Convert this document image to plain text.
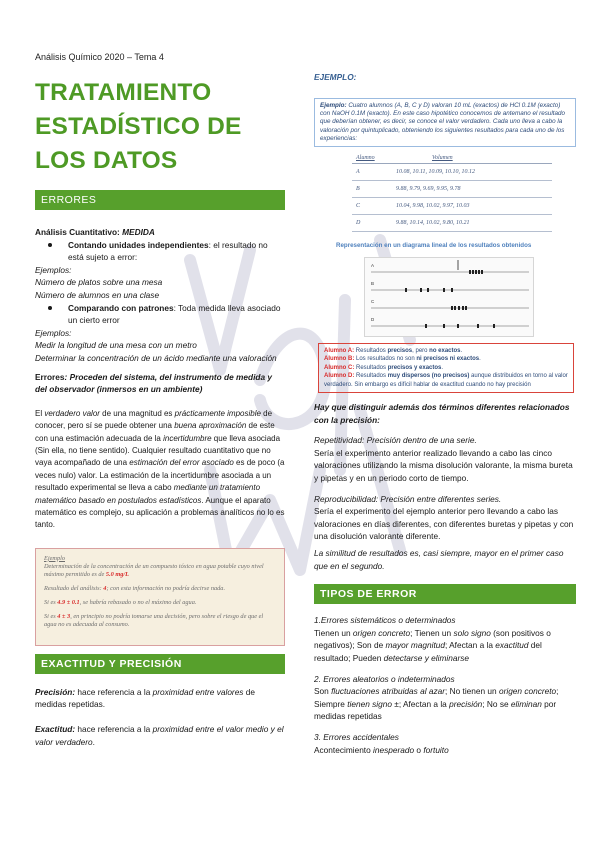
Análisis Químico 2020 – Tema 4
TRATAMIENTO ESTADÍSTICO DE LOS DATOS
ERRORES
Análisis Cuantitativo: MEDIDA
Contando unidades independientes: el resultado no está sujeto a error:
Ejemplos:
Número de platos sobre una mesa
Número de alumnos en una clase
Comparando con patrones: Toda medida lleva asociado un cierto error
Ejemplos:
Medir la longitud de una mesa con un metro
Determinar la concentración de un ácido mediante una valoración
Errores: Proceden del sistema, del instrumento de medida y del observador (inmersos en un ambiente)
El verdadero valor de una magnitud es prácticamente imposible de conocer, pero sí se puede obtener una buena aproximación de este con una estimación adecuada de la incertidumbre que lleva asociada (Sin ella, no tiene sentido). Cualquier resultado cuantitativo que no vaya acompañado de una estimación del error asociado es de poco (a veces nulo) valor. La estimación de la incertidumbre asociada a un resultado experimental se lleva a cabo mediante un tratamiento matemático basado en postulados estadísticos. Aunque el aparato matemático es complejo, su aplicación a problemas analíticos no lo es tanto.
Ejemplo
Determinación de la concentración de un compuesto tóxico en agua potable cuyo nivel máximo permitido es de 5.0 mg/L
Resultado del análisis: 4; con esta información no podría decirse nada.
Si es 4.9 ± 0.1, se habría rebasado o no el máximo del agua.
Si es 4 ± 3, en principio no podría tomarse una decisión, pero sobre el riesgo de que el agua no es adecuada al consumo.
EXACTITUD Y PRECISIÓN
Precisión: hace referencia a la proximidad entre valores de medidas repetidas.
Exactitud: hace referencia a la proximidad entre el valor medio y el valor verdadero.
EJEMPLO:
Ejemplo: Cuatro alumnos (A, B, C y D) valoran 10 mL (exactos) de HCl 0.1M (exacto) con NaOH 0.1M (exacto). En este caso hipotético conocemos de antemano el resultado que deberían obtener, es decir, se conoce el valor verdadero. Cada uno lleva a cabo la valoración por quintuplicado, obteniendo los siguientes resultados para cada uno de los experiencias:
Alumno	Volumen
A	10.08, 10.11, 10.09, 10.10, 10.12
B	9.88, 9.79, 9.69, 9.95, 9.78
C	10.04, 9.98, 10.02, 9.97, 10.03
D	9.88, 10.14, 10.02, 9.80, 10.21
Representación en un diagrama lineal de los resultados obtenidos
A
B
C
D
Alumno A: Resultados precisos, pero no exactos.
Alumno B: Los resultados no son ni precisos ni exactos.
Alumno C: Resultados precisos y exactos.
Alumno D: Resultados muy dispersos (no precisos) aunque distribuidos en torno al valor verdadero. Sin embargo es difícil hablar de exactitud cuando no hay precisión
Hay que distinguir además dos términos diferentes relacionados con la precisión:
Repetitividad: Precisión dentro de una serie.
Sería el experimento anterior realizado llevando a cabo las cinco valoraciones utilizando la misma disolución valorante, la misma bureta y pipetas y en un periodo corto de tiempo.
Reproducibilidad: Precisión entre diferentes series.
Sería el experimento del ejemplo anterior pero llevando a cabo las valoraciones en días diferentes, con diferentes buretas y pipetas y con una disolución valorante diferente.
La similitud de resultados es, casi siempre, mayor en el primer caso que en el segundo.
TIPOS DE ERROR
1.Errores sistemáticos o determinados
Tienen un origen concreto; Tienen un solo signo (son positivos o negativos); Son de mayor magnitud; Afectan a la exactitud del resultado; Pueden detectarse y eliminarse
2. Errores aleatorios o indeterminados
Son fluctuaciones atribuidas al azar; No tienen un origen concreto; Siempre tienen signo ±; Afectan a la precisión; No se eliminan por medidas repetidas
3. Errores accidentales
Acontecimiento inesperado o fortuito
